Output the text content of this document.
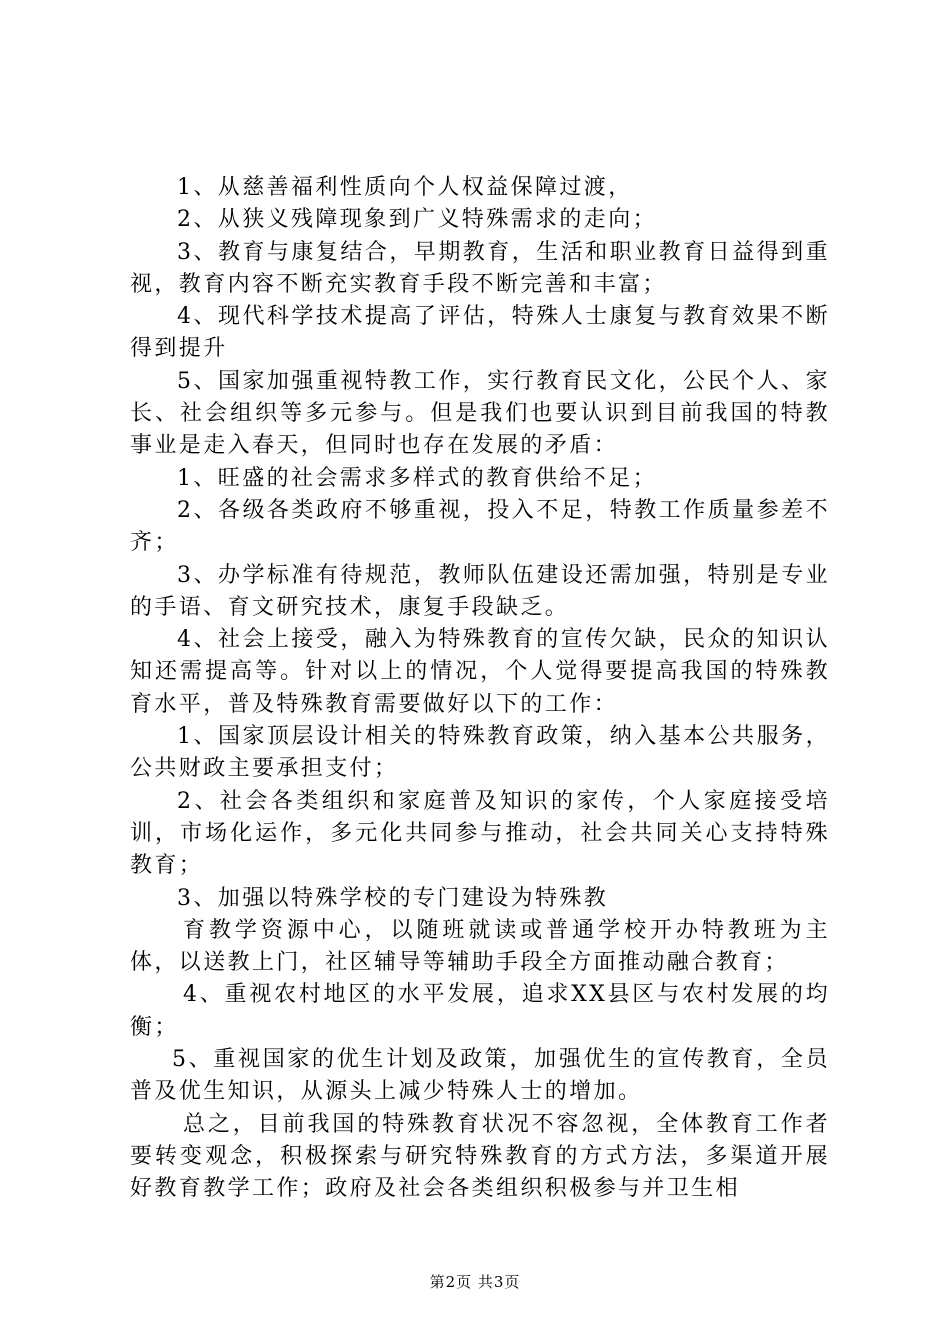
1、从慈善福利性质向个人权益保障过渡，

2、从狭义残障现象到广义特殊需求的走向；

3、教育与康复结合，早期教育，生活和职业教育日益得到重视，教育内容不断充实教育手段不断完善和丰富；

4、现代科学技术提高了评估，特殊人士康复与教育效果不断得到提升

5、国家加强重视特教工作，实行教育民文化，公民个人、家长、社会组织等多元参与。但是我们也要认识到目前我国的特教事业是走入春天，但同时也存在发展的矛盾：

1、旺盛的社会需求多样式的教育供给不足；

2、各级各类政府不够重视，投入不足，特教工作质量参差不齐；

3、办学标准有待规范，教师队伍建设还需加强，特别是专业的手语、育文研究技术，康复手段缺乏。

4、社会上接受，融入为特殊教育的宣传欠缺，民众的知识认知还需提高等。针对以上的情况，个人觉得要提高我国的特殊教育水平，普及特殊教育需要做好以下的工作：

1、国家顶层设计相关的特殊教育政策，纳入基本公共服务，公共财政主要承担支付；

2、社会各类组织和家庭普及知识的家传，个人家庭接受培训，市场化运作，多元化共同参与推动，社会共同关心支持特殊教育；

3、加强以特殊学校的专门建设为特殊教

育教学资源中心，以随班就读或普通学校开办特教班为主体，以送教上门，社区辅导等辅助手段全方面推动融合教育；

4、重视农村地区的水平发展，追求XX县区与农村发展的均衡；

5、重视国家的优生计划及政策，加强优生的宣传教育，全员普及优生知识，从源头上减少特殊人士的增加。

总之，目前我国的特殊教育状况不容忽视，全体教育工作者要转变观念，积极探索与研究特殊教育的方式方法，多渠道开展好教育教学工作；政府及社会各类组织积极参与并卫生相

第2页 共3页
